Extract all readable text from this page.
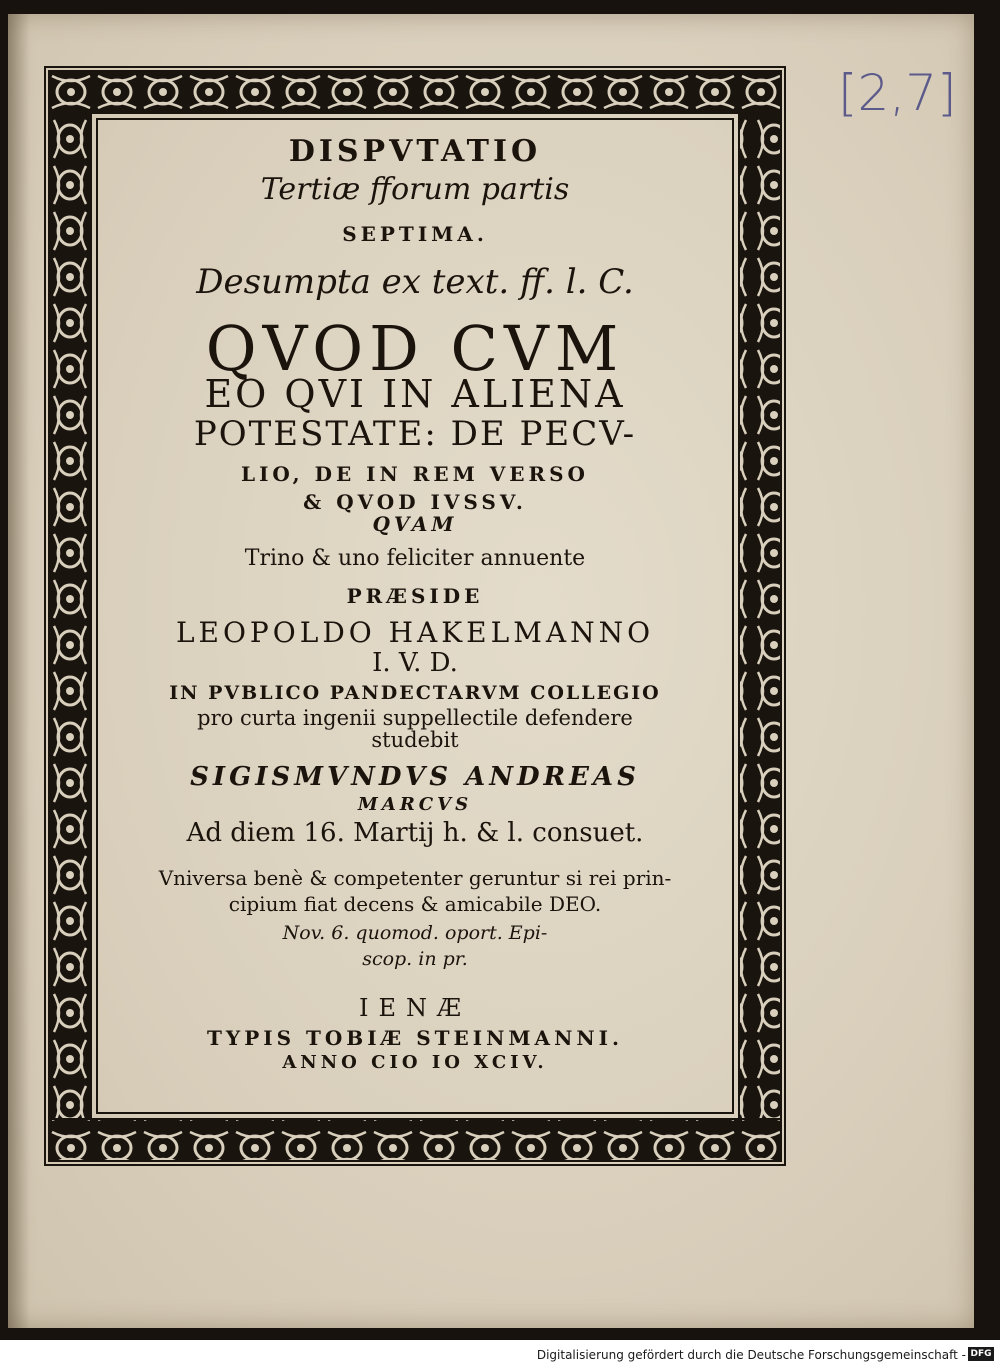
[2,7]
DISPVTATIO
Tertiæ fforum partis
SEPTIMA.
Desumpta ex text. ff. l. C.
QVOD CVM
EO QVI IN ALIENA
POTESTATE: DE PECV-
LIO, DE IN REM VERSO
& QVOD IVSSV.
QVAM
Trino & uno feliciter annuente
PRÆSIDE
LEOPOLDO HAKELMANNO
I. V. D.
IN PVBLICO PANDECTARVM COLLEGIO
pro curta ingenii suppellectile defendere
studebit
SIGISMVNDVS ANDREAS
MARCVS
Ad diem 16. Martij h. & l. consuet.
Vniversa benè & competenter geruntur si rei prin-
cipium fiat decens & amicabile DEO.
Nov. 6. quomod. oport. Epi-
scop. in pr.
IENÆ
TYPIS TOBIÆ STEINMANNI.
ANNO CIO IO XCIV.
Digitalisierung gefördert durch die Deutsche Forschungsgemeinschaft - DFG
